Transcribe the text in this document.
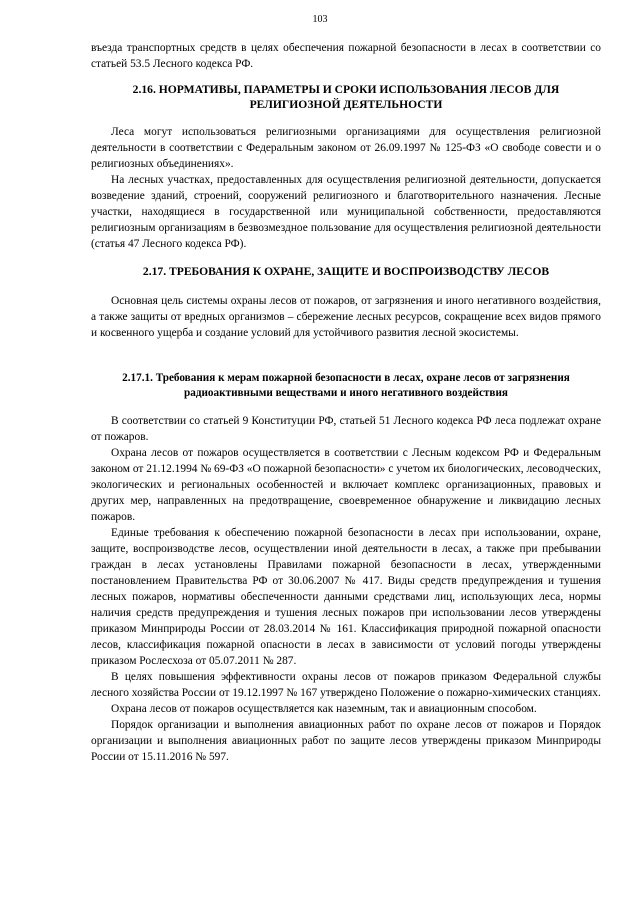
103

въезда транспортных средств в целях обеспечения пожарной безопасности в лесах в соответствии со статьей 53.5 Лесного кодекса РФ.

2.16. НОРМАТИВЫ, ПАРАМЕТРЫ И СРОКИ ИСПОЛЬЗОВАНИЯ ЛЕСОВ ДЛЯ РЕЛИГИОЗНОЙ ДЕЯТЕЛЬНОСТИ

Леса могут использоваться религиозными организациями для осуществления религиозной деятельности в соответствии с Федеральным законом от 26.09.1997 № 125-ФЗ «О свободе совести и о религиозных объединениях».

На лесных участках, предоставленных для осуществления религиозной деятельности, допускается возведение зданий, строений, сооружений религиозного и благотворительного назначения. Лесные участки, находящиеся в государственной или муниципальной собственности, предоставляются религиозным организациям в безвозмездное пользование для осуществления религиозной деятельности (статья 47 Лесного кодекса РФ).

2.17. ТРЕБОВАНИЯ К ОХРАНЕ, ЗАЩИТЕ И ВОСПРОИЗВОДСТВУ ЛЕСОВ

Основная цель системы охраны лесов от пожаров, от загрязнения и иного негативного воздействия, а также защиты от вредных организмов – сбережение лесных ресурсов, сокращение всех видов прямого и косвенного ущерба и создание условий для устойчивого развития лесной экосистемы.

2.17.1. Требования к мерам пожарной безопасности в лесах, охране лесов от загрязнения радиоактивными веществами и иного негативного воздействия

В соответствии со статьей 9 Конституции РФ, статьей 51 Лесного кодекса РФ леса подлежат охране от пожаров.

Охрана лесов от пожаров осуществляется в соответствии с Лесным кодексом РФ и Федеральным законом от 21.12.1994 № 69-ФЗ «О пожарной безопасности» с учетом их биологических, лесоводческих, экологических и региональных особенностей и включает комплекс организационных, правовых и других мер, направленных на предотвращение, своевременное обнаружение и ликвидацию лесных пожаров.

Единые требования к обеспечению пожарной безопасности в лесах при использовании, охране, защите, воспроизводстве лесов, осуществлении иной деятельности в лесах, а также при пребывании граждан в лесах установлены Правилами пожарной безопасности в лесах, утвержденными постановлением Правительства РФ от 30.06.2007 № 417. Виды средств предупреждения и тушения лесных пожаров, нормативы обеспеченности данными средствами лиц, использующих леса, нормы наличия средств предупреждения и тушения лесных пожаров при использовании лесов утверждены приказом Минприроды России от 28.03.2014 № 161. Классификация природной пожарной опасности лесов, классификация пожарной опасности в лесах в зависимости от условий погоды утверждены приказом Рослесхоза от 05.07.2011 № 287.

В целях повышения эффективности охраны лесов от пожаров приказом Федеральной службы лесного хозяйства России от 19.12.1997 № 167 утверждено Положение о пожарно-химических станциях.

Охрана лесов от пожаров осуществляется как наземным, так и авиационным способом.

Порядок организации и выполнения авиационных работ по охране лесов от пожаров и Порядок организации и выполнения авиационных работ по защите лесов утверждены приказом Минприроды России от 15.11.2016 № 597.
